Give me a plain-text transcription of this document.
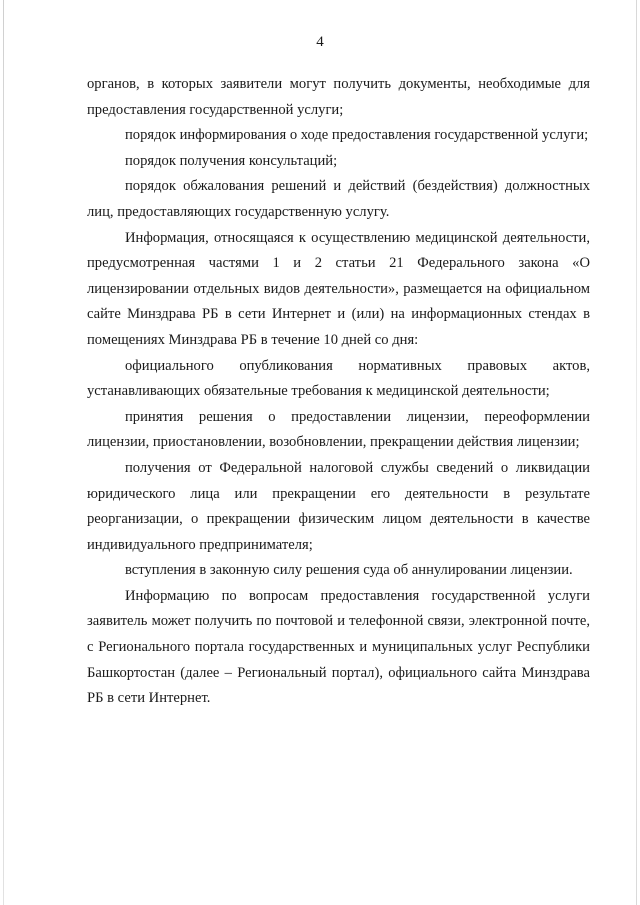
4

органов, в которых заявители могут получить документы, необходимые для предоставления государственной услуги;

порядок информирования о ходе предоставления государственной услуги;

порядок получения консультаций;

порядок обжалования решений и действий (бездействия) должностных лиц, предоставляющих государственную услугу.

Информация, относящаяся к осуществлению медицинской деятельности, предусмотренная частями 1 и 2 статьи 21 Федерального закона «О лицензировании отдельных видов деятельности», размещается на официальном сайте Минздрава РБ в сети Интернет и (или) на информационных стендах в помещениях Минздрава РБ в течение 10 дней со дня:

официального опубликования нормативных правовых актов, устанавливающих обязательные требования к медицинской деятельности;

принятия решения о предоставлении лицензии, переоформлении лицензии, приостановлении, возобновлении, прекращении действия лицензии;

получения от Федеральной налоговой службы сведений о ликвидации юридического лица или прекращении его деятельности в результате реорганизации, о прекращении физическим лицом деятельности в качестве индивидуального предпринимателя;

вступления в законную силу решения суда об аннулировании лицензии.

Информацию по вопросам предоставления государственной услуги заявитель может получить по почтовой и телефонной связи, электронной почте, с Регионального портала государственных и муниципальных услуг Республики Башкортостан (далее – Региональный портал), официального сайта Минздрава РБ в сети Интернет.
